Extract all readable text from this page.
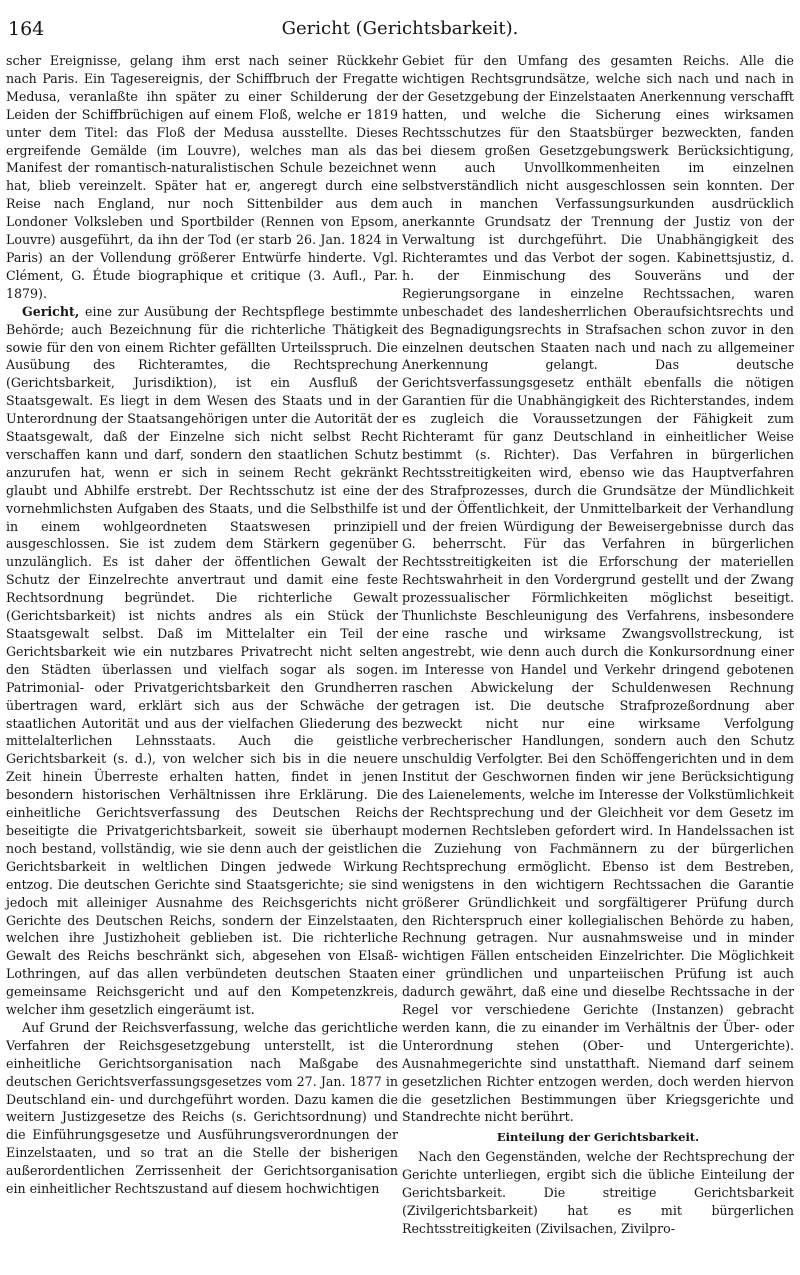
164	Gericht (Gerichtsbarkeit).

scher Ereignisse, gelang ihm erst nach seiner Rückkehr nach Paris. Ein Tagesereignis, der Schiffbruch der Fregatte Medusa, veranlaßte ihn später zu einer Schilderung der Leiden der Schiffbrüchigen auf einem Floß, welche er 1819 unter dem Titel: das Floß der Medusa ausstellte. Dieses ergreifende Gemälde (im Louvre), welches man als das Manifest der romantisch-naturalistischen Schule bezeichnet hat, blieb vereinzelt. Später hat er, angeregt durch eine Reise nach England, nur noch Sittenbilder aus dem Londoner Volksleben und Sportbilder (Rennen von Epsom, Louvre) ausgeführt, da ihn der Tod (er starb 26. Jan. 1824 in Paris) an der Vollendung größerer Entwürfe hinderte. Vgl. Clément, G. Étude biographique et critique (3. Aufl., Par. 1879).

Gericht, eine zur Ausübung der Rechtspflege bestimmte Behörde; auch Bezeichnung für die richterliche Thätigkeit sowie für den von einem Richter gefällten Urteilsspruch. Die Ausübung des Richteramtes, die Rechtsprechung (Gerichtsbarkeit, Jurisdiktion), ist ein Ausfluß der Staatsgewalt. Es liegt in dem Wesen des Staats und in der Unterordnung der Staatsangehörigen unter die Autorität der Staatsgewalt, daß der Einzelne sich nicht selbst Recht verschaffen kann und darf, sondern den staatlichen Schutz anzurufen hat, wenn er sich in seinem Recht gekränkt glaubt und Abhilfe erstrebt. Der Rechtsschutz ist eine der vornehmlichsten Aufgaben des Staats, und die Selbsthilfe ist in einem wohlgeordneten Staatswesen prinzipiell ausgeschlossen. Sie ist zudem dem Stärkern gegenüber unzulänglich. Es ist daher der öffentlichen Gewalt der Schutz der Einzelrechte anvertraut und damit eine feste Rechtsordnung begründet. Die richterliche Gewalt (Gerichtsbarkeit) ist nichts andres als ein Stück der Staatsgewalt selbst. Daß im Mittelalter ein Teil der Gerichtsbarkeit wie ein nutzbares Privatrecht nicht selten den Städten überlassen und vielfach sogar als sogen. Patrimonial- oder Privatgerichtsbarkeit den Grundherren übertragen ward, erklärt sich aus der Schwäche der staatlichen Autorität und aus der vielfachen Gliederung des mittelalterlichen Lehnsstaats. Auch die geistliche Gerichtsbarkeit (s. d.), von welcher sich bis in die neuere Zeit hinein Überreste erhalten hatten, findet in jenen besondern historischen Verhältnissen ihre Erklärung. Die einheitliche Gerichtsverfassung des Deutschen Reichs beseitigte die Privatgerichtsbarkeit, soweit sie überhaupt noch bestand, vollständig, wie sie denn auch der geistlichen Gerichtsbarkeit in weltlichen Dingen jedwede Wirkung entzog. Die deutschen Gerichte sind Staatsgerichte; sie sind jedoch mit alleiniger Ausnahme des Reichsgerichts nicht Gerichte des Deutschen Reichs, sondern der Einzelstaaten, welchen ihre Justizhoheit geblieben ist. Die richterliche Gewalt des Reichs beschränkt sich, abgesehen von Elsaß-Lothringen, auf das allen verbündeten deutschen Staaten gemeinsame Reichsgericht und auf den Kompetenzkreis, welcher ihm gesetzlich eingeräumt ist.

Auf Grund der Reichsverfassung, welche das gerichtliche Verfahren der Reichsgesetzgebung unterstellt, ist die einheitliche Gerichtsorganisation nach Maßgabe des deutschen Gerichtsverfassungsgesetzes vom 27. Jan. 1877 in Deutschland ein- und durchgeführt worden. Dazu kamen die weitern Justizgesetze des Reichs (s. Gerichtsordnung) und die Einführungsgesetze und Ausführungsverordnungen der Einzelstaaten, und so trat an die Stelle der bisherigen außerordentlichen Zerrissenheit der Gerichtsorganisation ein einheitlicher Rechtszustand auf diesem hochwichtigen

Gebiet für den Umfang des gesamten Reichs. Alle die wichtigen Rechtsgrundsätze, welche sich nach und nach in der Gesetzgebung der Einzelstaaten Anerkennung verschafft hatten, und welche die Sicherung eines wirksamen Rechtsschutzes für den Staatsbürger bezweckten, fanden bei diesem großen Gesetzgebungswerk Berücksichtigung, wenn auch Unvollkommenheiten im einzelnen selbstverständlich nicht ausgeschlossen sein konnten. Der auch in manchen Verfassungsurkunden ausdrücklich anerkannte Grundsatz der Trennung der Justiz von der Verwaltung ist durchgeführt. Die Unabhängigkeit des Richteramtes und das Verbot der sogen. Kabinettsjustiz, d. h. der Einmischung des Souveräns und der Regierungsorgane in einzelne Rechtssachen, waren unbeschadet des landesherrlichen Oberaufsichtsrechts und des Begnadigungsrechts in Strafsachen schon zuvor in den einzelnen deutschen Staaten nach und nach zu allgemeiner Anerkennung gelangt. Das deutsche Gerichtsverfassungsgesetz enthält ebenfalls die nötigen Garantien für die Unabhängigkeit des Richterstandes, indem es zugleich die Voraussetzungen der Fähigkeit zum Richteramt für ganz Deutschland in einheitlicher Weise bestimmt (s. Richter). Das Verfahren in bürgerlichen Rechtsstreitigkeiten wird, ebenso wie das Hauptverfahren des Strafprozesses, durch die Grundsätze der Mündlichkeit und der Öffentlichkeit, der Unmittelbarkeit der Verhandlung und der freien Würdigung der Beweisergebnisse durch das G. beherrscht. Für das Verfahren in bürgerlichen Rechtsstreitigkeiten ist die Erforschung der materiellen Rechtswahrheit in den Vordergrund gestellt und der Zwang prozessualischer Förmlichkeiten möglichst beseitigt. Thunlichste Beschleunigung des Verfahrens, insbesondere eine rasche und wirksame Zwangsvollstreckung, ist angestrebt, wie denn auch durch die Konkursordnung einer im Interesse von Handel und Verkehr dringend gebotenen raschen Abwickelung der Schuldenwesen Rechnung getragen ist. Die deutsche Strafprozeßordnung aber bezweckt nicht nur eine wirksame Verfolgung verbrecherischer Handlungen, sondern auch den Schutz unschuldig Verfolgter. Bei den Schöffengerichten und in dem Institut der Geschwornen finden wir jene Berücksichtigung des Laienelements, welche im Interesse der Volkstümlichkeit der Rechtsprechung und der Gleichheit vor dem Gesetz im modernen Rechtsleben gefordert wird. In Handelssachen ist die Zuziehung von Fachmännern zu der bürgerlichen Rechtsprechung ermöglicht. Ebenso ist dem Bestreben, wenigstens in den wichtigern Rechtssachen die Garantie größerer Gründlichkeit und sorgfältigerer Prüfung durch den Richterspruch einer kollegialischen Behörde zu haben, Rechnung getragen. Nur ausnahmsweise und in minder wichtigen Fällen entscheiden Einzelrichter. Die Möglichkeit einer gründlichen und unparteiischen Prüfung ist auch dadurch gewährt, daß eine und dieselbe Rechtssache in der Regel vor verschiedene Gerichte (Instanzen) gebracht werden kann, die zu einander im Verhältnis der Über- oder Unterordnung stehen (Ober- und Untergerichte). Ausnahmegerichte sind unstatthaft. Niemand darf seinem gesetzlichen Richter entzogen werden, doch werden hiervon die gesetzlichen Bestimmungen über Kriegsgerichte und Standrechte nicht berührt.

Einteilung der Gerichtsbarkeit.

Nach den Gegenständen, welche der Rechtsprechung der Gerichte unterliegen, ergibt sich die übliche Einteilung der Gerichtsbarkeit. Die streitige Gerichtsbarkeit (Zivilgerichtsbarkeit) hat es mit bürgerlichen Rechtsstreitigkeiten (Zivilsachen, Zivilpro-
